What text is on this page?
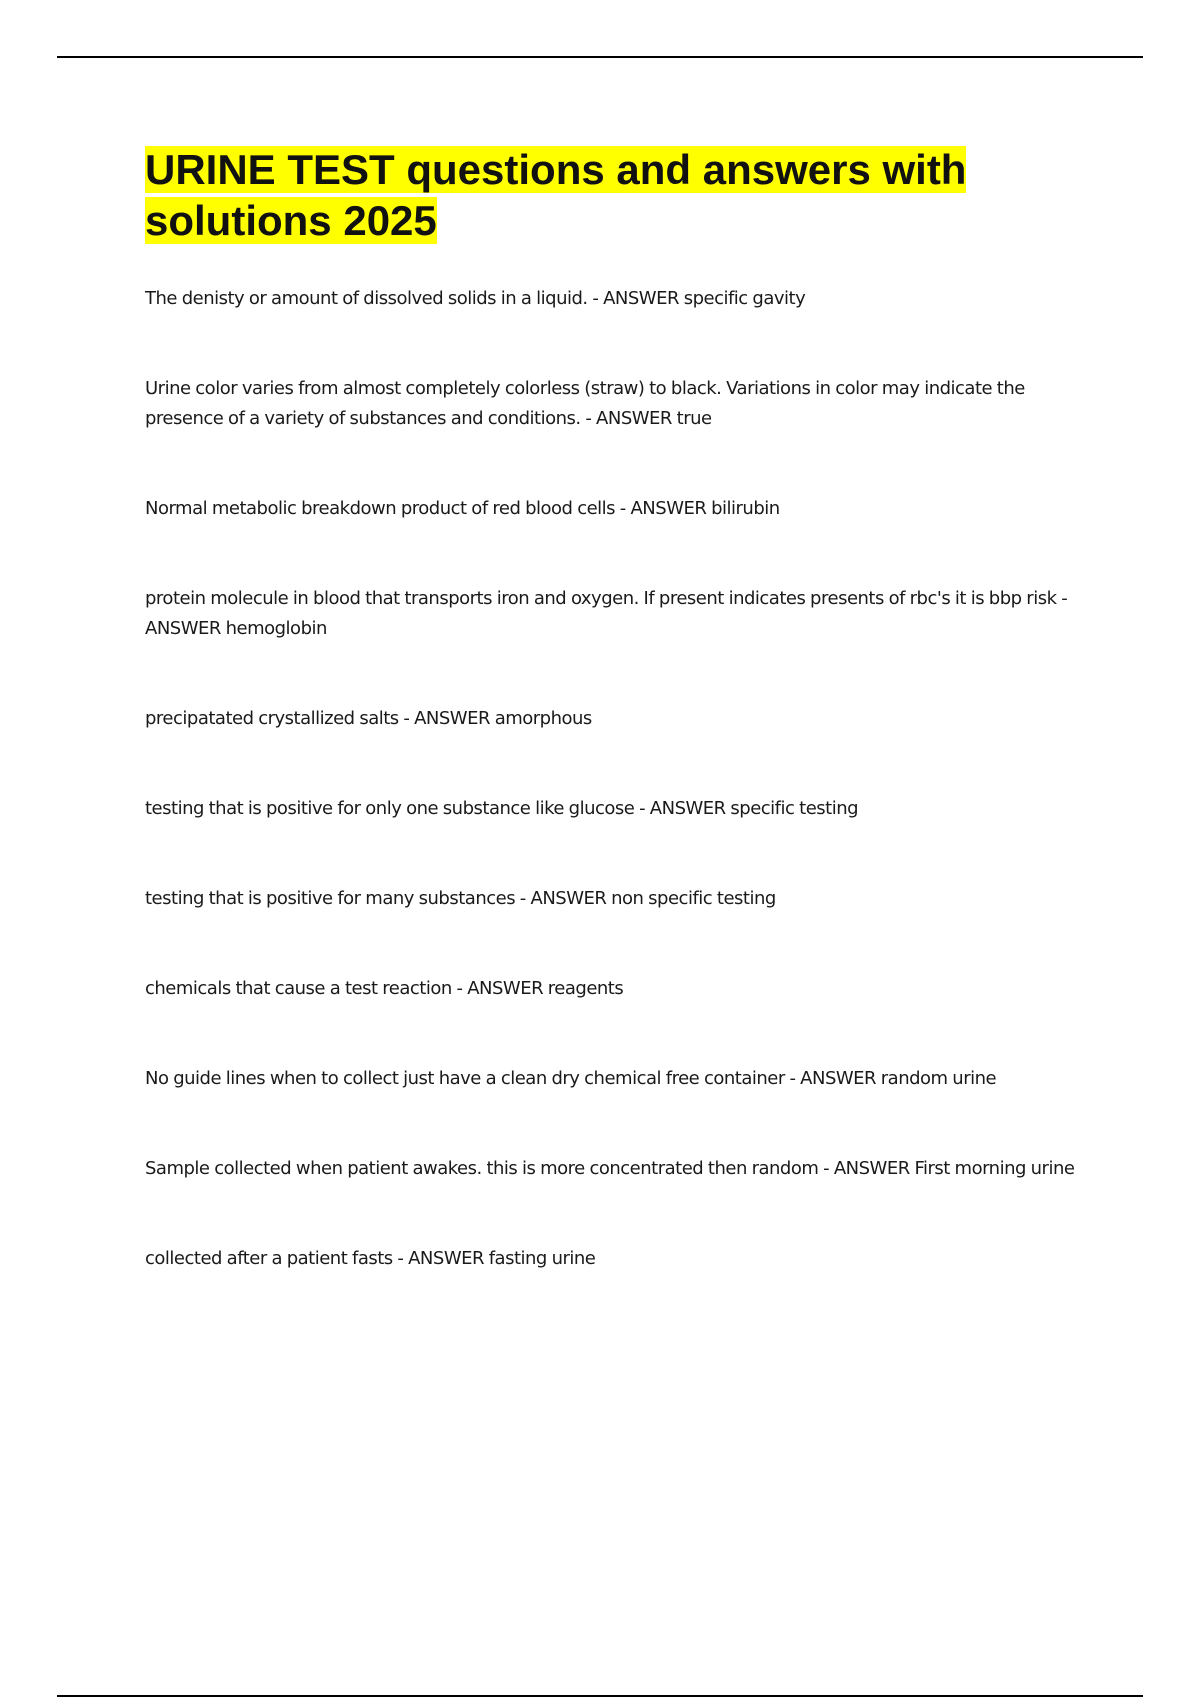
URINE TEST questions and answers with solutions 2025
The denisty or amount of dissolved solids in a liquid. - ANSWER specific gavity
Urine color varies from almost completely colorless (straw) to black. Variations in color may indicate the presence of a variety of substances and conditions. - ANSWER true
Normal metabolic breakdown product of red blood cells - ANSWER bilirubin
protein molecule in blood that transports iron and oxygen. If present indicates presents of rbc's it is bbp risk - ANSWER hemoglobin
precipatated crystallized salts - ANSWER amorphous
testing that is positive for only one substance like glucose - ANSWER specific testing
testing that is positive for many substances - ANSWER non specific testing
chemicals that cause a test reaction - ANSWER reagents
No guide lines when to collect just have a clean dry chemical free container - ANSWER random urine
Sample collected when patient awakes. this is more concentrated then random - ANSWER First morning urine
collected after a patient fasts - ANSWER fasting urine
